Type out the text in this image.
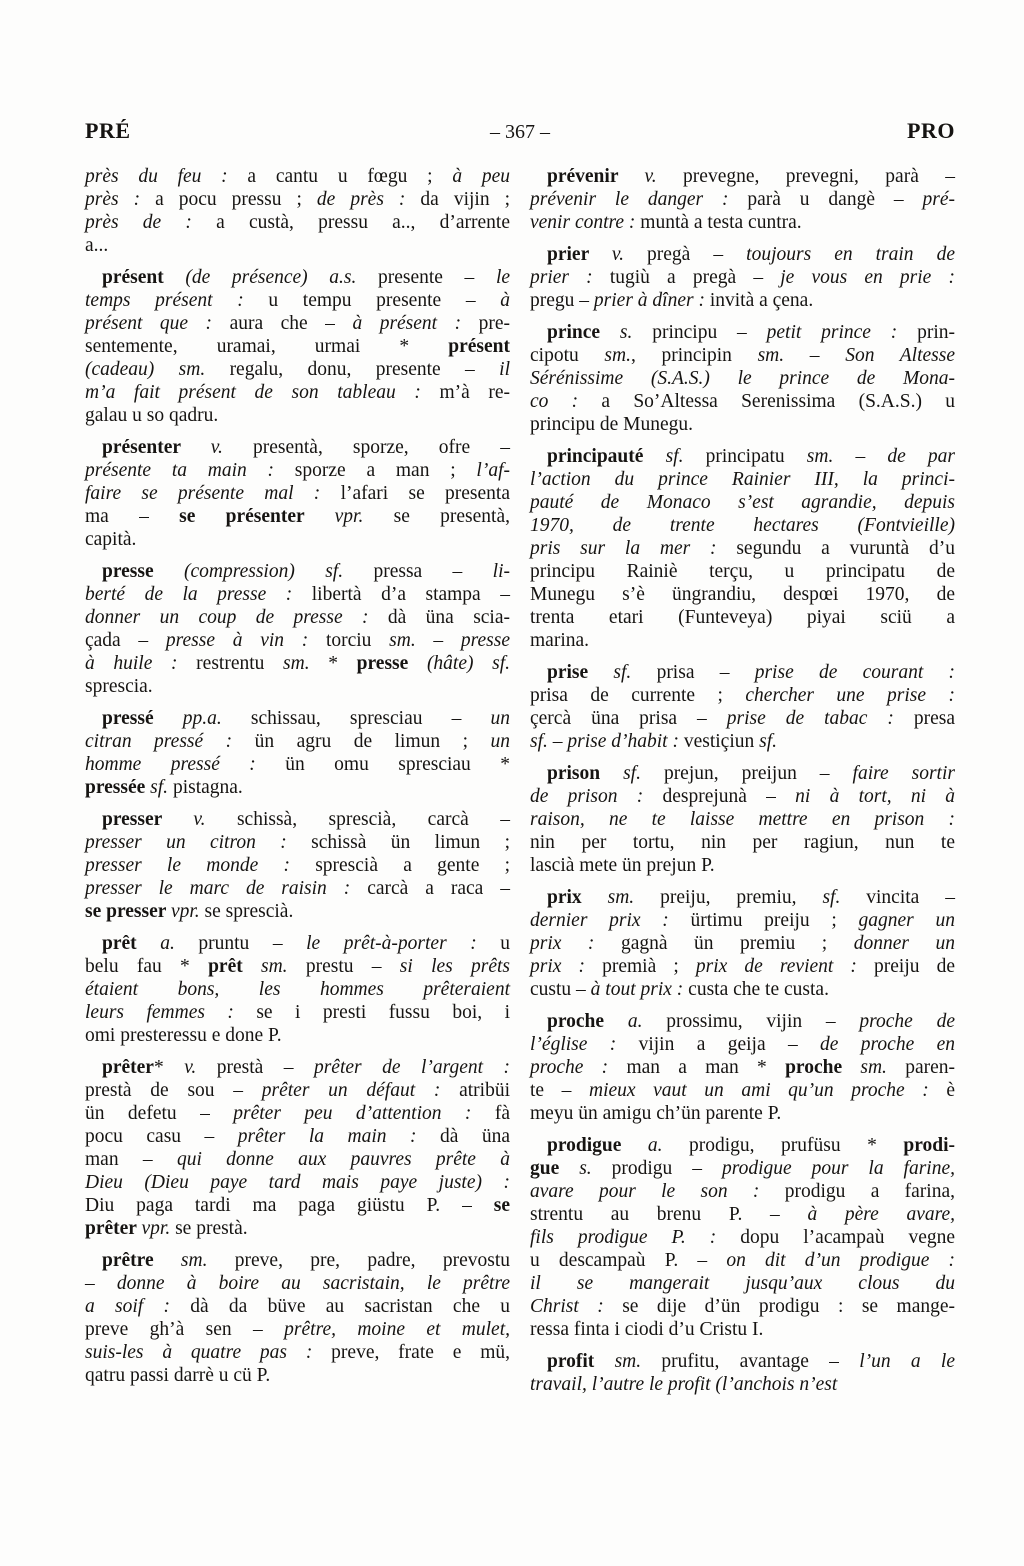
PRÉ	– 367 –	PRO
près du feu : a cantu u fœgu ; à peu
près : a pocu pressu ; de près : da vijin ;
près de : a custà, pressu a.., d’arrente
a...
présent (de présence) a.s. presente – le
temps présent : u tempu presente – à
présent que : aura che – à présent : pre-
sentemente, uramai, urmai * présent
(cadeau) sm. regalu, donu, presente – il
m’a fait présent de son tableau : m’à re-
galau u so qadru.
présenter v. presentà, sporze, ofre –
présente ta main : sporze a man ; l’af-
faire se présente mal : l’afari se presenta
ma – se présenter vpr. se presentà,
capità.
presse (compression) sf. pressa – li-
berté de la presse : libertà d’a stampa –
donner un coup de presse : dà üna scia-
çada – presse à vin : torciu sm. – presse
à huile : restrentu sm. * presse (hâte) sf.
sprescia.
pressé pp.a. schissau, spresciau – un
citran pressé : ün agru de limun ; un
homme pressé : ün omu spresciau *
pressée sf. pistagna.
presser v. schissà, sprescià, carcà –
presser un citron : schissà ün limun ;
presser le monde : sprescià a gente ;
presser le marc de raisin : carcà a raca –
se presser vpr. se sprescià.
prêt a. pruntu – le prêt-à-porter : u
belu fau * prêt sm. prestu – si les prêts
étaient bons, les hommes prêteraient
leurs femmes : se i presti fussu boi, i
omi presteressu e done P.
prêter* v. prestà – prêter de l’argent :
prestà de sou – prêter un défaut : atribüi
ün defetu – prêter peu d’attention : fà
pocu casu – prêter la main : dà üna
man – qui donne aux pauvres prête à
Dieu (Dieu paye tard mais paye juste) :
Diu paga tardi ma paga giüstu P. – se
prêter vpr. se prestà.
prêtre sm. preve, pre, padre, prevostu
– donne à boire au sacristain, le prêtre
a soif : dà da büve au sacristan che u
preve gh’à sen – prêtre, moine et mulet,
suis-les à quatre pas : preve, frate e mü,
qatru passi darrè u cü P.
prévenir v. prevegne, prevegni, parà –
prévenir le danger : parà u dangè – pré-
venir contre : muntà a testa cuntra.
prier v. pregà – toujours en train de
prier : tugiù a pregà – je vous en prie :
pregu – prier à dîner : invità a çena.
prince s. principu – petit prince : prin-
cipotu sm., principin sm. – Son Altesse
Sérénissime (S.A.S.) le prince de Mona-
co : a So’Altessa Serenissima (S.A.S.) u
principu de Munegu.
principauté sf. principatu sm. – de par
l’action du prince Rainier III, la princi-
pauté de Monaco s’est agrandie, depuis
1970, de trente hectares (Fontvieille)
pris sur la mer : segundu a vuruntà d’u
principu Rainiè terçu, u principatu de
Munegu s’è üngrandiu, despœi 1970, de
trenta etari (Funteveya) piyai sciü a
marina.
prise sf. prisa – prise de courant :
prisa de currente ; chercher une prise :
çercà üna prisa – prise de tabac : presa
sf. – prise d’habit : vestiçiun sf.
prison sf. prejun, preijun – faire sortir
de prison : desprejunà – ni à tort, ni à
raison, ne te laisse mettre en prison :
nin per tortu, nin per ragiun, nun te
lascià mete ün prejun P.
prix sm. preiju, premiu, sf. vincita –
dernier prix : ürtimu preiju ; gagner un
prix : gagnà ün premiu ; donner un
prix : premià ; prix de revient : preiju de
custu – à tout prix : custa che te custa.
proche a. prossimu, vijin – proche de
l’église : vijin a geija – de proche en
proche : man a man * proche sm. paren-
te – mieux vaut un ami qu’un proche : è
meyu ün amigu ch’ün parente P.
prodigue a. prodigu, prufüsu * prodi-
gue s. prodigu – prodigue pour la farine,
avare pour le son : prodigu a farina,
strentu au brenu P. – à père avare,
fils prodigue P. : dopu l’acampaù vegne
u descampaù P. – on dit d’un prodigue :
il se mangerait jusqu’aux clous du
Christ : se dije d’ün prodigu : se mange-
ressa finta i ciodi d’u Cristu I.
profit sm. prufitu, avantage – l’un a le
travail, l’autre le profit (l’anchois n’est
